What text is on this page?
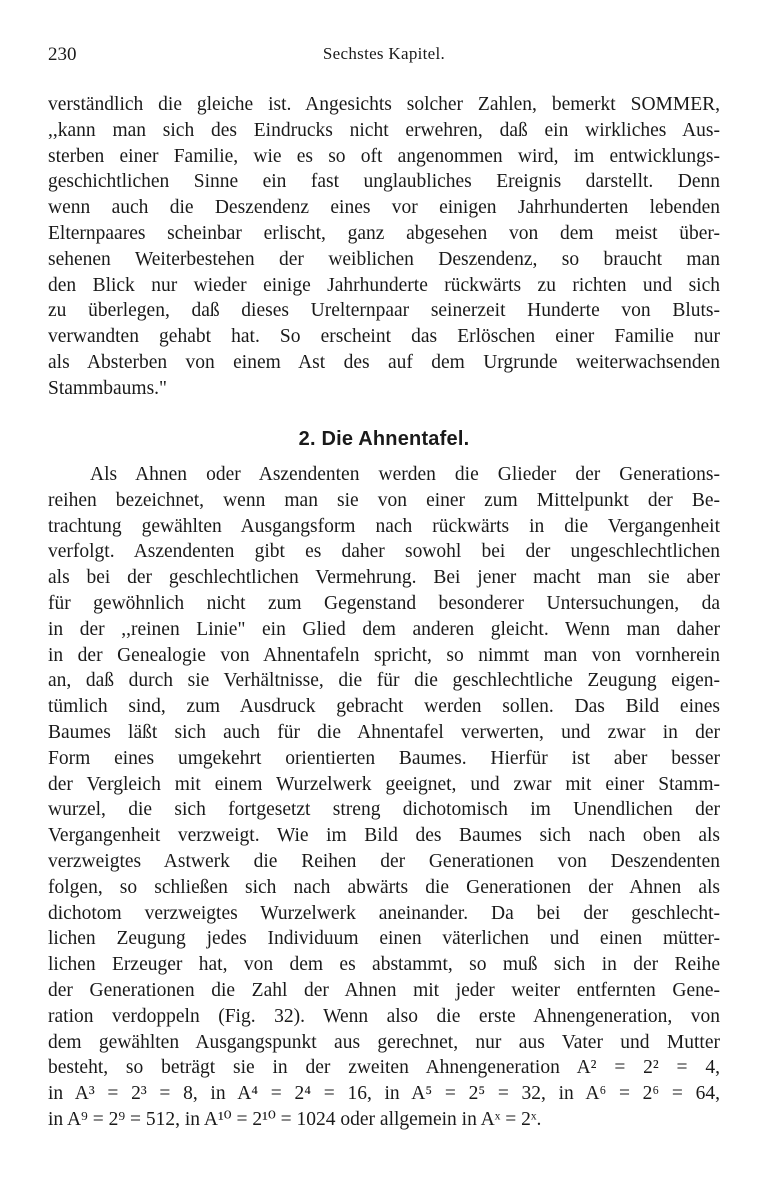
230	Sechstes Kapitel.
verständlich die gleiche ist. Angesichts solcher Zahlen, bemerkt SOMMER,
,,kann man sich des Eindrucks nicht erwehren, daß ein wirkliches Aus-
sterben einer Familie, wie es so oft angenommen wird, im entwicklungs-
geschichtlichen Sinne ein fast unglaubliches Ereignis darstellt. Denn
wenn auch die Deszendenz eines vor einigen Jahrhunderten lebenden
Elternpaares scheinbar erlischt, ganz abgesehen von dem meist über-
sehenen Weiterbestehen der weiblichen Deszendenz, so braucht man
den Blick nur wieder einige Jahrhunderte rückwärts zu richten und sich
zu überlegen, daß dieses Urelternpaar seinerzeit Hunderte von Bluts-
verwandten gehabt hat. So erscheint das Erlöschen einer Familie nur
als Absterben von einem Ast des auf dem Urgrunde weiterwachsenden
Stammbaums."
2. Die Ahnentafel.
Als Ahnen oder Aszendenten werden die Glieder der Generations-
reihen bezeichnet, wenn man sie von einer zum Mittelpunkt der Be-
trachtung gewählten Ausgangsform nach rückwärts in die Vergangenheit
verfolgt. Aszendenten gibt es daher sowohl bei der ungeschlechtlichen
als bei der geschlechtlichen Vermehrung. Bei jener macht man sie aber
für gewöhnlich nicht zum Gegenstand besonderer Untersuchungen, da
in der ,,reinen Linie" ein Glied dem anderen gleicht. Wenn man daher
in der Genealogie von Ahnentafeln spricht, so nimmt man von vornherein
an, daß durch sie Verhältnisse, die für die geschlechtliche Zeugung eigen-
tümlich sind, zum Ausdruck gebracht werden sollen. Das Bild eines
Baumes läßt sich auch für die Ahnentafel verwerten, und zwar in der
Form eines umgekehrt orientierten Baumes. Hierfür ist aber besser
der Vergleich mit einem Wurzelwerk geeignet, und zwar mit einer Stamm-
wurzel, die sich fortgesetzt streng dichotomisch im Unendlichen der
Vergangenheit verzweigt. Wie im Bild des Baumes sich nach oben als
verzweigtes Astwerk die Reihen der Generationen von Deszendenten
folgen, so schließen sich nach abwärts die Generationen der Ahnen als
dichotom verzweigtes Wurzelwerk aneinander. Da bei der geschlecht-
lichen Zeugung jedes Individuum einen väterlichen und einen mütter-
lichen Erzeuger hat, von dem es abstammt, so muß sich in der Reihe
der Generationen die Zahl der Ahnen mit jeder weiter entfernten Gene-
ration verdoppeln (Fig. 32). Wenn also die erste Ahnengeneration, von
dem gewählten Ausgangspunkt aus gerechnet, nur aus Vater und Mutter
besteht, so beträgt sie in der zweiten Ahnengeneration A² = 2² = 4,
in A³ = 2³ = 8, in A⁴ = 2⁴ = 16, in A⁵ = 2⁵ = 32, in A⁶ = 2⁶ = 64,
in A⁹ = 2⁹ = 512, in A¹⁰ = 2¹⁰ = 1024 oder allgemein in Aˣ = 2ˣ.
